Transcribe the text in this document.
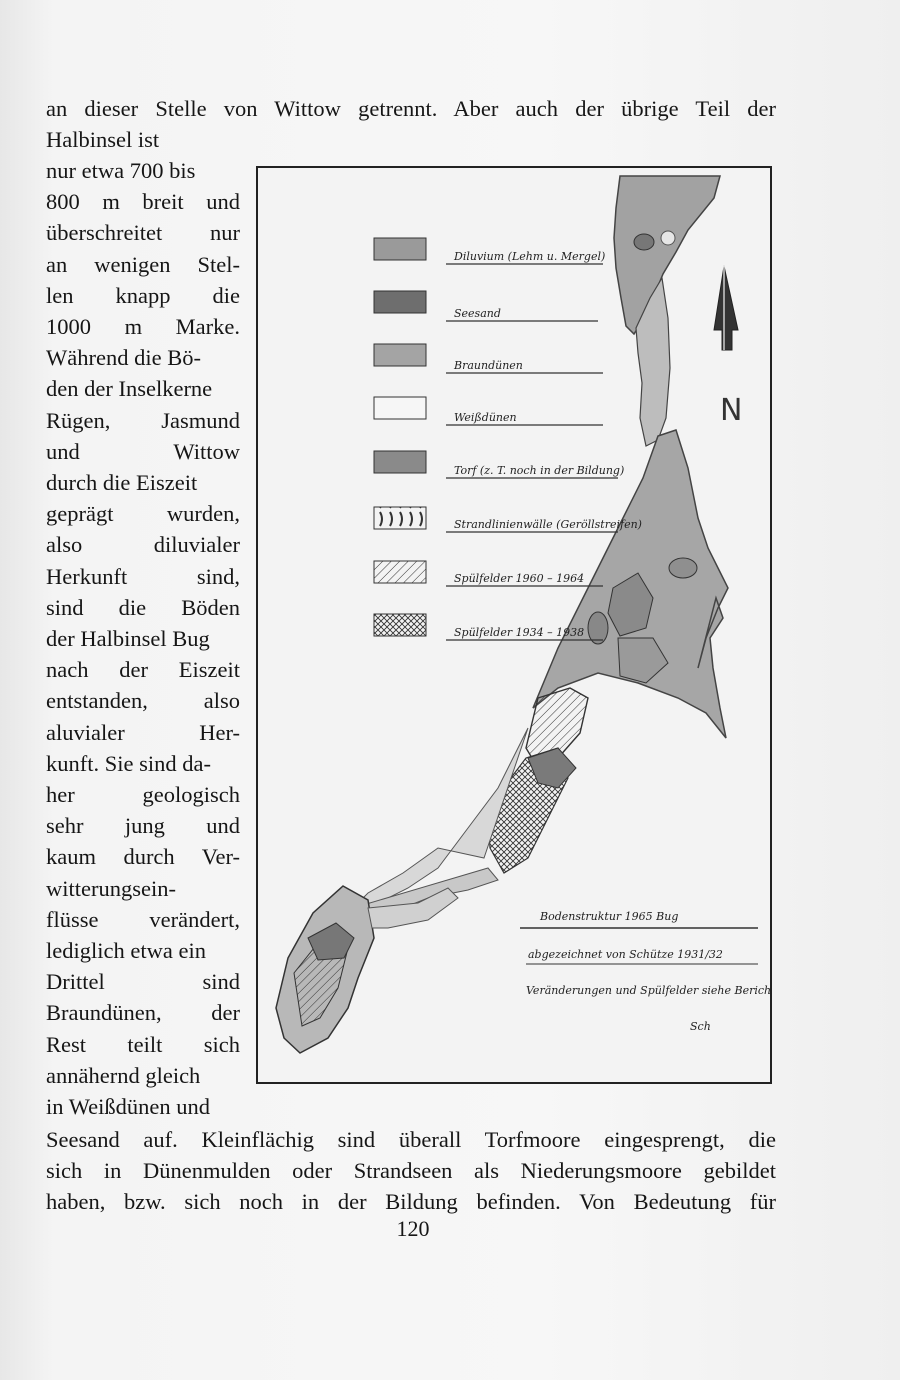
an dieser Stelle von Wittow getrennt. Aber auch der übrige Teil der
Halbinsel ist
nur etwa 700 bis
800 m breit und
überschreitet nur
an wenigen Stel-
len knapp die
1000 m Marke.
Während die Bö-
den der Inselkerne
Rügen, Jasmund
und Wittow
durch die Eiszeit
geprägt wurden,
also diluvialer
Herkunft sind,
sind die Böden
der Halbinsel Bug
nach der Eiszeit
entstanden, also
aluvialer Her-
kunft. Sie sind da-
her geologisch
sehr jung und
kaum durch Ver-
witterungsein-
flüsse verändert,
lediglich etwa ein
Drittel sind
Braundünen, der
Rest teilt sich
annähernd gleich
in Weißdünen und
Seesand auf. Kleinflächig sind überall Torfmoore eingesprengt, die
sich in Dünenmulden oder Strandseen als Niederungsmoore gebildet
haben, bzw. sich noch in der Bildung befinden. Von Bedeutung für
120
N
Diluvium (Lehm u. Mergel)
Seesand
Braundünen
Weißdünen
Torf (z. T. noch in der Bildung)
Strandlinienwälle (Geröllstreifen)
Spülfelder 1960 – 1964
Spülfelder 1934 – 1938
Bodenstruktur 1965 Bug
abgezeichnet von Schütze 1931/32
Veränderungen und Spülfelder siehe Bericht
Sch
